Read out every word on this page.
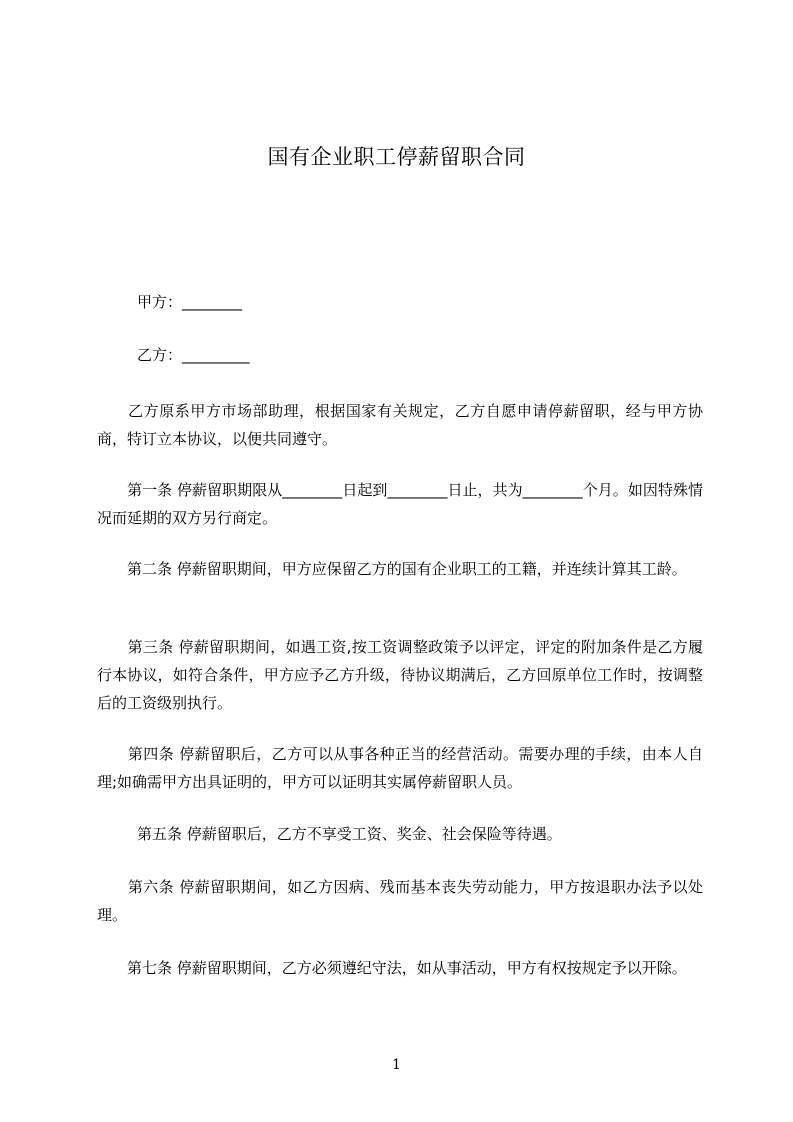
国有企业职工停薪留职合同
甲方：________
乙方：_________
　　乙方原系甲方市场部助理，根据国家有关规定，乙方自愿申请停薪留职，经与甲方协商，特订立本协议，以便共同遵守。
　　第一条 停薪留职期限从________日起到________日止，共为________个月。如因特殊情况而延期的双方另行商定。
　　第二条 停薪留职期间，甲方应保留乙方的国有企业职工的工籍，并连续计算其工龄。
　　第三条 停薪留职期间，如遇工资,按工资调整政策予以评定，评定的附加条件是乙方履行本协议，如符合条件，甲方应予乙方升级，待协议期满后，乙方回原单位工作时，按调整后的工资级别执行。
　　第四条 停薪留职后，乙方可以从事各种正当的经营活动。需要办理的手续，由本人自理;如确需甲方出具证明的，甲方可以证明其实属停薪留职人员。
第五条 停薪留职后，乙方不享受工资、奖金、社会保险等待遇。
　　第六条 停薪留职期间，如乙方因病、残而基本丧失劳动能力，甲方按退职办法予以处理。
　　第七条 停薪留职期间，乙方必须遵纪守法，如从事活动，甲方有权按规定予以开除。
1
